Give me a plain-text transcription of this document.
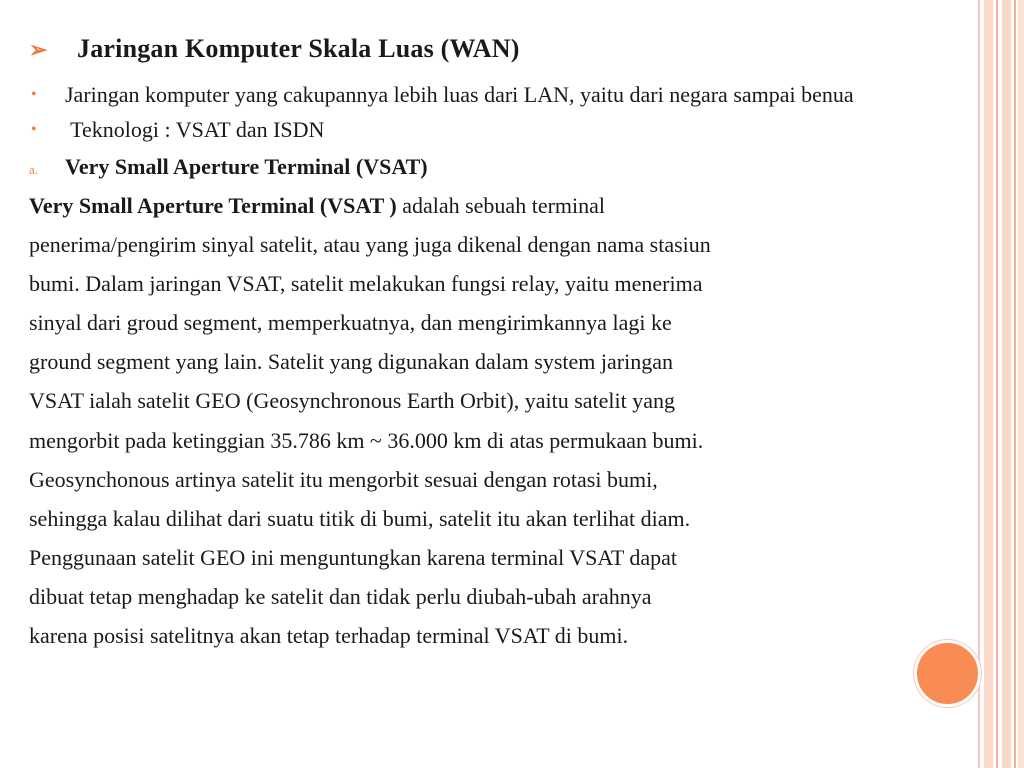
➢	Jaringan Komputer Skala Luas (WAN)
•	Jaringan komputer yang cakupannya lebih luas dari LAN, yaitu dari negara sampai benua
•	Teknologi : VSAT dan ISDN
a.	Very Small Aperture Terminal (VSAT)
Very Small Aperture Terminal (VSAT ) adalah sebuah terminal
penerima/pengirim sinyal satelit, atau yang juga dikenal dengan nama stasiun
bumi. Dalam jaringan VSAT, satelit melakukan fungsi relay, yaitu menerima
sinyal dari groud segment, memperkuatnya, dan mengirimkannya lagi ke
ground segment yang lain. Satelit yang digunakan dalam system jaringan
VSAT ialah satelit GEO (Geosynchronous Earth Orbit), yaitu satelit yang
mengorbit pada ketinggian 35.786 km ~ 36.000 km di atas permukaan bumi.
Geosynchonous artinya satelit itu mengorbit sesuai dengan rotasi bumi,
sehingga kalau dilihat dari suatu titik di bumi, satelit itu akan terlihat diam.
Penggunaan satelit GEO ini menguntungkan karena terminal VSAT dapat
dibuat tetap menghadap ke satelit dan tidak perlu diubah-ubah arahnya
karena posisi satelitnya akan tetap terhadap terminal VSAT di bumi.
